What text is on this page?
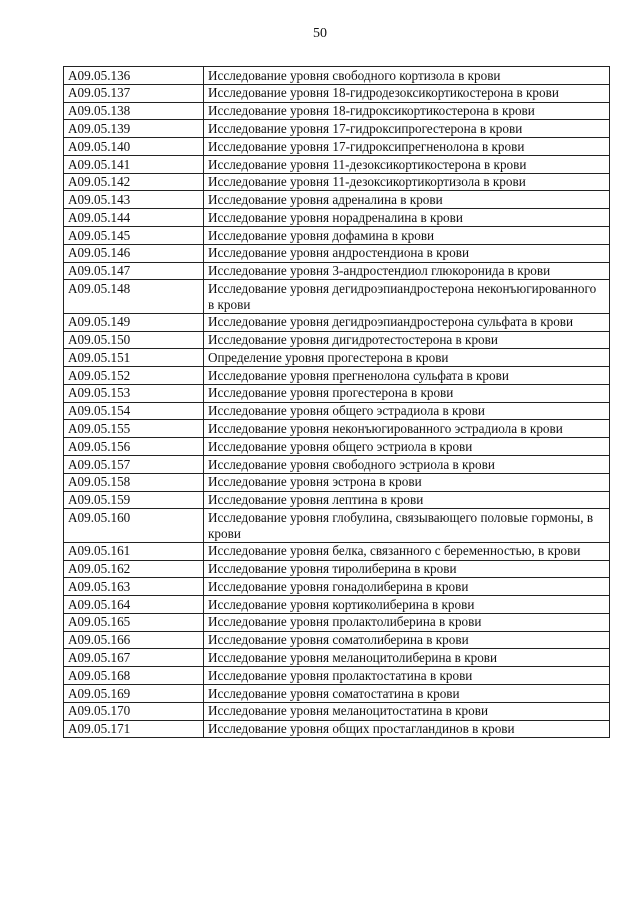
50
A09.05.136	Исследование уровня свободного кортизола в крови
A09.05.137	Исследование уровня 18-гидродезоксикортикостерона в крови
A09.05.138	Исследование уровня 18-гидроксикортикостерона в крови
A09.05.139	Исследование уровня 17-гидроксипрогестерона в крови
A09.05.140	Исследование уровня 17-гидроксипрегненолона в крови
A09.05.141	Исследование уровня 11-дезоксикортикостерона в крови
A09.05.142	Исследование уровня 11-дезоксикортикортизола в крови
A09.05.143	Исследование уровня адреналина в крови
A09.05.144	Исследование уровня норадреналина в крови
A09.05.145	Исследование уровня дофамина в крови
A09.05.146	Исследование уровня андростендиона в крови
A09.05.147	Исследование уровня 3-андростендиол глюкоронида в крови
A09.05.148	Исследование уровня дегидроэпиандростерона неконъюгированного в крови
A09.05.149	Исследование уровня дегидроэпиандростерона сульфата в крови
A09.05.150	Исследование уровня дигидротестостерона в крови
A09.05.151	Определение уровня прогестерона в крови
A09.05.152	Исследование уровня прегненолона сульфата в крови
A09.05.153	Исследование уровня прогестерона в крови
A09.05.154	Исследование уровня общего эстрадиола в крови
A09.05.155	Исследование уровня неконъюгированного эстрадиола в крови
A09.05.156	Исследование уровня общего эстриола в крови
A09.05.157	Исследование уровня свободного эстриола в крови
A09.05.158	Исследование уровня эстрона в крови
A09.05.159	Исследование уровня лептина в крови
A09.05.160	Исследование уровня глобулина, связывающего половые гормоны, в крови
A09.05.161	Исследование уровня белка, связанного с беременностью, в крови
A09.05.162	Исследование уровня тиролиберина в крови
A09.05.163	Исследование уровня гонадолиберина в крови
A09.05.164	Исследование уровня кортиколиберина в крови
A09.05.165	Исследование уровня пролактолиберина в крови
A09.05.166	Исследование уровня соматолиберина в крови
A09.05.167	Исследование уровня меланоцитолиберина в крови
A09.05.168	Исследование уровня пролактостатина в крови
A09.05.169	Исследование уровня соматостатина в крови
A09.05.170	Исследование уровня меланоцитостатина в крови
A09.05.171	Исследование уровня общих простагландинов в крови
